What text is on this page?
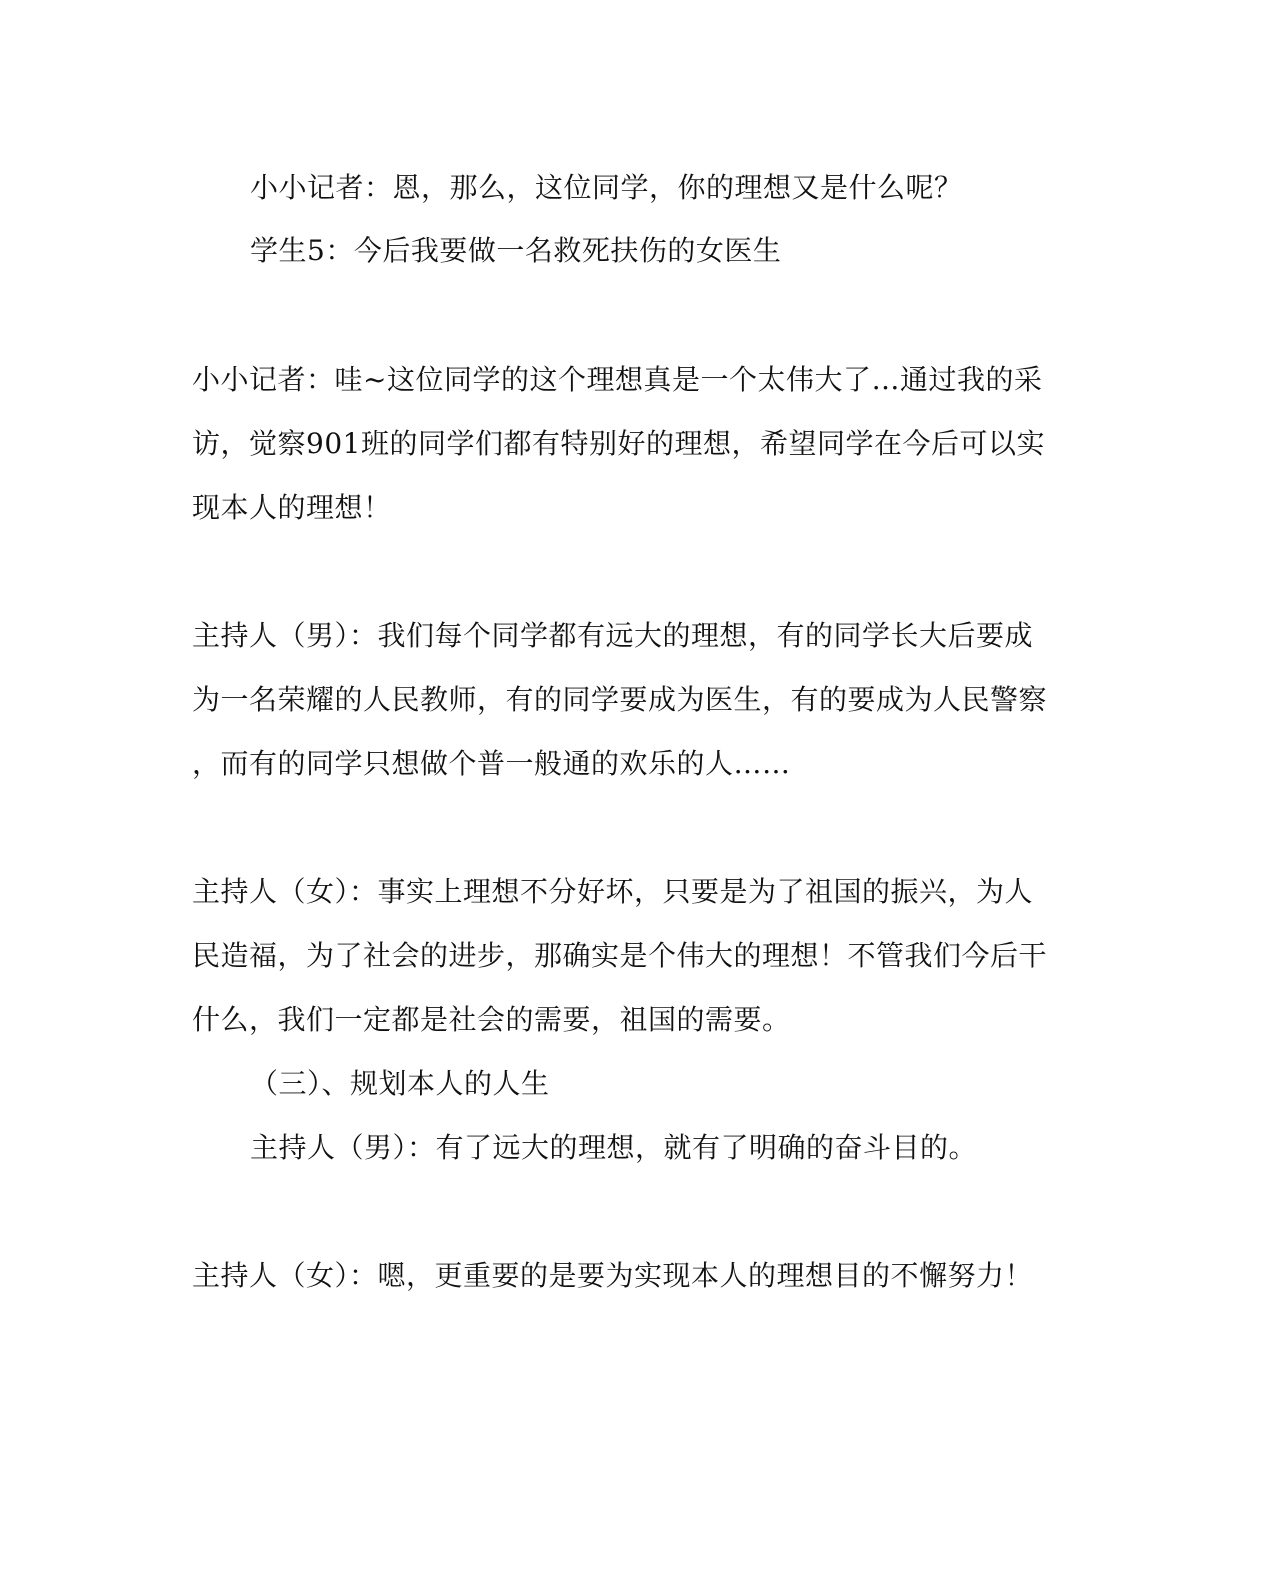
小小记者：恩，那么，这位同学，你的理想又是什么呢？
学生5：今后我要做一名救死扶伤的女医生
小小记者：哇~这位同学的这个理想真是一个太伟大了…通过我的采
访，觉察901班的同学们都有特别好的理想，希望同学在今后可以实
现本人的理想！
主持人（男）：我们每个同学都有远大的理想，有的同学长大后要成
为一名荣耀的人民教师，有的同学要成为医生，有的要成为人民警察
，而有的同学只想做个普一般通的欢乐的人……
主持人（女）：事实上理想不分好坏，只要是为了祖国的振兴，为人
民造福，为了社会的进步，那确实是个伟大的理想！不管我们今后干
什么，我们一定都是社会的需要，祖国的需要。
（三）、规划本人的人生
主持人（男）：有了远大的理想，就有了明确的奋斗目的。
主持人（女）：嗯，更重要的是要为实现本人的理想目的不懈努力！
